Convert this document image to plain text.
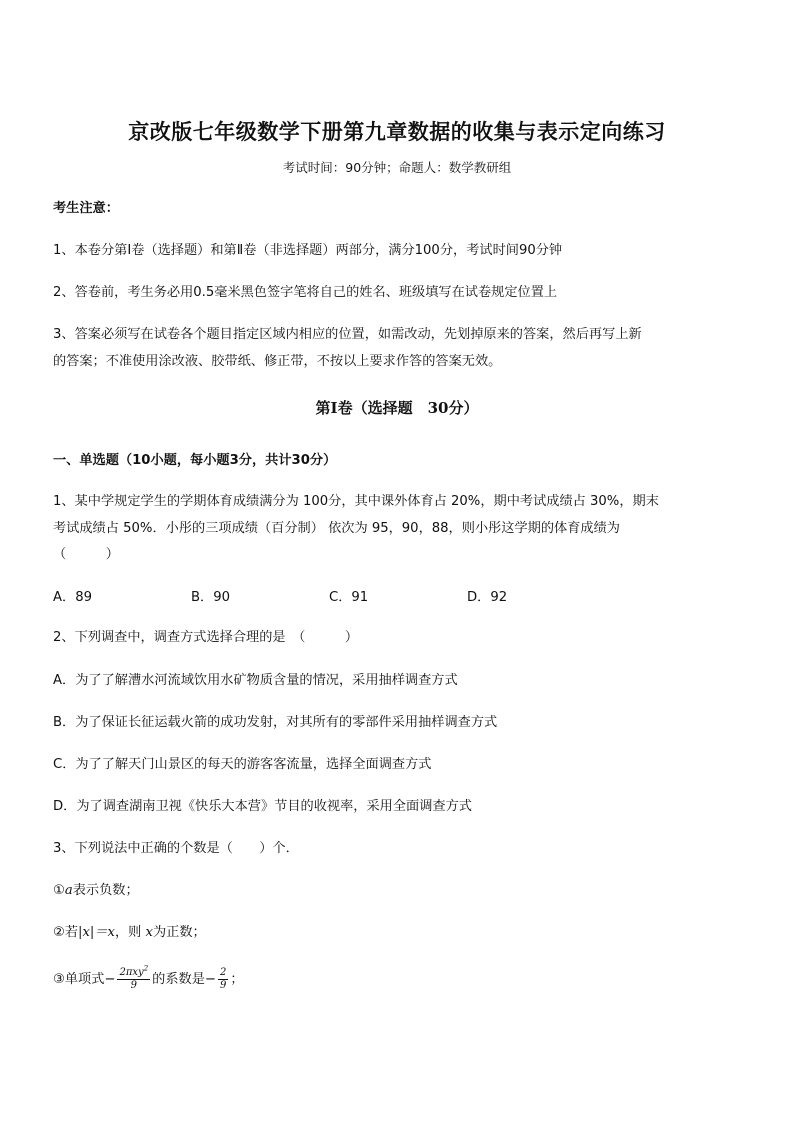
京改版七年级数学下册第九章数据的收集与表示定向练习
考试时间：90分钟；命题人：数学教研组
考生注意：
1、本卷分第Ⅰ卷（选择题）和第Ⅱ卷（非选择题）两部分，满分100分，考试时间90分钟
2、答卷前，考生务必用0.5毫米黑色签字笔将自己的姓名、班级填写在试卷规定位置上
3、答案必须写在试卷各个题目指定区域内相应的位置，如需改动，先划掉原来的答案，然后再写上新
的答案；不准使用涂改液、胶带纸、修正带，不按以上要求作答的答案无效。
第Ⅰ卷（选择题　30分）
一、单选题（10小题，每小题3分，共计30分）
1、某中学规定学生的学期体育成绩满分为 100分，其中课外体育占 20%，期中考试成绩占 30%，期末
考试成绩占 50%．小彤的三项成绩（百分制） 依次为 95，90，88，则小彤这学期的体育成绩为
（　　　）
A．89	B．90	C．91	D．92
2、下列调查中，调查方式选择合理的是　（　　　）
A．为了了解漕水河流域饮用水矿物质含量的情况，采用抽样调查方式
B．为了保证长征运载火箭的成功发射，对其所有的零部件采用抽样调查方式
C．为了了解天门山景区的每天的游客客流量，选择全面调查方式
D．为了调查湖南卫视《快乐大本营》节目的收视率，采用全面调查方式
3、下列说法中正确的个数是（　　）个．
①a表示负数；
②若|x|＝x，则 x为正数；
③单项式− $\frac{2\pi xy^2}{9}$ 的系数是− $\frac{2}{9}$ ；
